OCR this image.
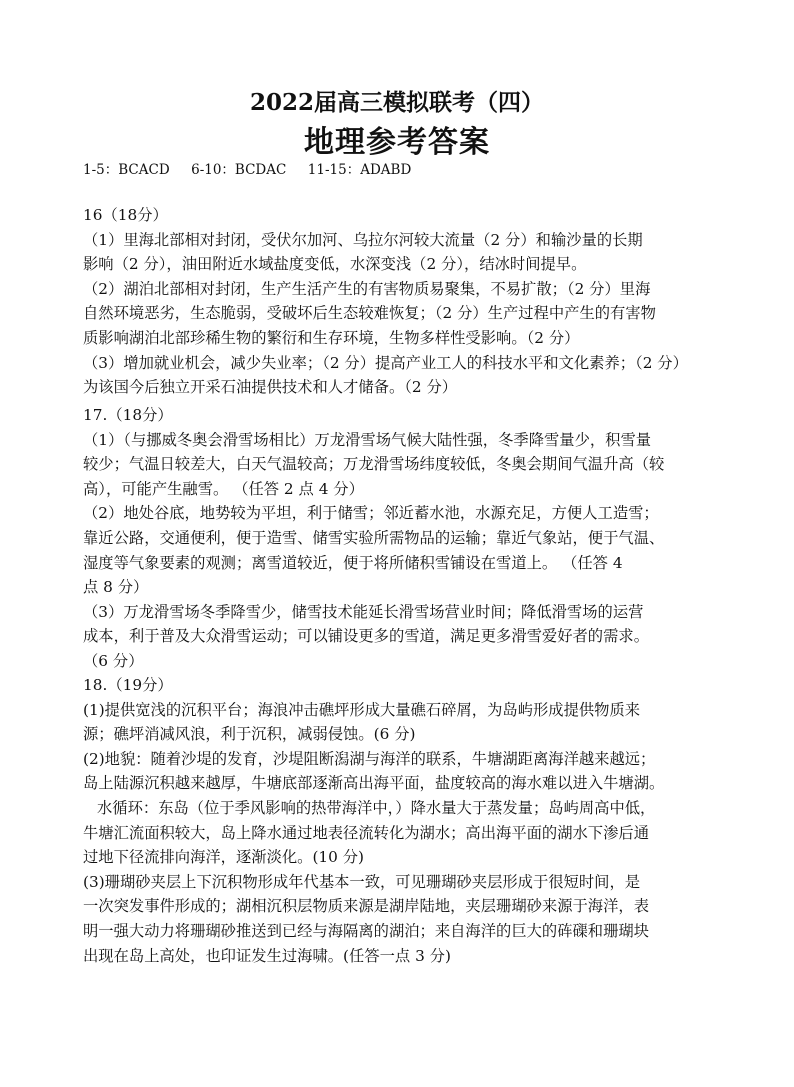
2022届高三模拟联考（四）
地理参考答案
1-5：BCACD     6-10：BCDAC     11-15：ADABD

16（18分）

（1）里海北部相对封闭，受伏尔加河、乌拉尔河较大流量（2 分）和输沙量的长期

影响（2 分），油田附近水域盐度变低，水深变浅（2 分），结冰时间提早。

（2）湖泊北部相对封闭，生产生活产生的有害物质易聚集，不易扩散；（2 分）里海

自然环境恶劣，生态脆弱，受破坏后生态较难恢复；（2 分）生产过程中产生的有害物

质影响湖泊北部珍稀生物的繁衍和生存环境，生物多样性受影响。（2 分）

（3）增加就业机会，减少失业率；（2 分）提高产业工人的科技水平和文化素养；（2 分）

为该国今后独立开采石油提供技术和人才储备。（2 分）

17.（18分）

（1）（与挪威冬奥会滑雪场相比）万龙滑雪场气候大陆性强，冬季降雪量少，积雪量

较少；气温日较差大，白天气温较高；万龙滑雪场纬度较低，冬奥会期间气温升高（较

高），可能产生融雪。 （任答 2 点 4 分）

（2）地处谷底，地势较为平坦，利于储雪；邻近蓄水池，水源充足，方便人工造雪；

靠近公路，交通便利，便于造雪、储雪实验所需物品的运输；靠近气象站，便于气温、

湿度等气象要素的观测；离雪道较近，便于将所储积雪铺设在雪道上。 （任答 4

点 8 分）

（3）万龙滑雪场冬季降雪少，储雪技术能延长滑雪场营业时间；降低滑雪场的运营

成本，利于普及大众滑雪运动；可以铺设更多的雪道，满足更多滑雪爱好者的需求。

（6 分）

18.（19分）

(1)提供宽浅的沉积平台；海浪冲击礁坪形成大量礁石碎屑，为岛屿形成提供物质来

源；礁坪消减风浪，利于沉积，减弱侵蚀。(6 分)

(2)地貌：随着沙堤的发育，沙堤阻断潟湖与海洋的联系，牛塘湖距离海洋越来越远；

岛上陆源沉积越来越厚，牛塘底部逐渐高出海平面，盐度较高的海水难以进入牛塘湖。

水循环：东岛（位于季风影响的热带海洋中，）降水量大于蒸发量；岛屿周高中低，

牛塘汇流面积较大，岛上降水通过地表径流转化为湖水；高出海平面的湖水下渗后通

过地下径流排向海洋，逐渐淡化。(10 分)

(3)珊瑚砂夹层上下沉积物形成年代基本一致，可见珊瑚砂夹层形成于很短时间，是

一次突发事件形成的；湖相沉积层物质来源是湖岸陆地，夹层珊瑚砂来源于海洋，表

明一强大动力将珊瑚砂推送到已经与海隔离的湖泊；来自海洋的巨大的砗磲和珊瑚块

出现在岛上高处，也印证发生过海啸。(任答一点 3 分)
